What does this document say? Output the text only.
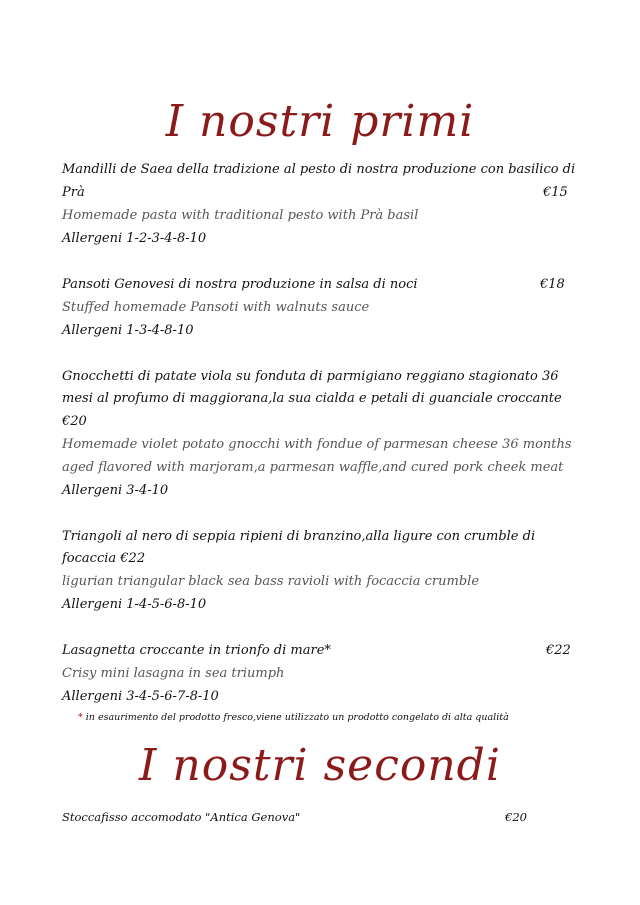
I nostri primi
Mandilli de Saea della tradizione al pesto di nostra produzione con basilico di
Prà	€15
Homemade pasta with traditional pesto with Prà basil
Allergeni 1-2-3-4-8-10
Pansoti Genovesi di nostra produzione in salsa di noci	€18
Stuffed homemade Pansoti with walnuts sauce
Allergeni 1-3-4-8-10
Gnocchetti di patate viola su fonduta di parmigiano reggiano stagionato 36
mesi al profumo di maggiorana,la sua cialda e petali di guanciale croccante
€20
Homemade violet potato gnocchi with fondue of parmesan cheese 36 months
aged flavored with marjoram,a parmesan waffle,and cured pork cheek meat
Allergeni 3-4-10
Triangoli al nero di seppia ripieni di branzino,alla ligure con crumble di
focaccia €22
ligurian triangular black sea bass ravioli with focaccia crumble
Allergeni 1-4-5-6-8-10
Lasagnetta croccante in trionfo di mare*	€22
Crisy mini lasagna in sea triumph
Allergeni 3-4-5-6-7-8-10
* in esaurimento del prodotto fresco,viene utilizzato un prodotto congelato di alta qualità
I nostri secondi
Stoccafisso accomodato "Antica Genova"	€20
